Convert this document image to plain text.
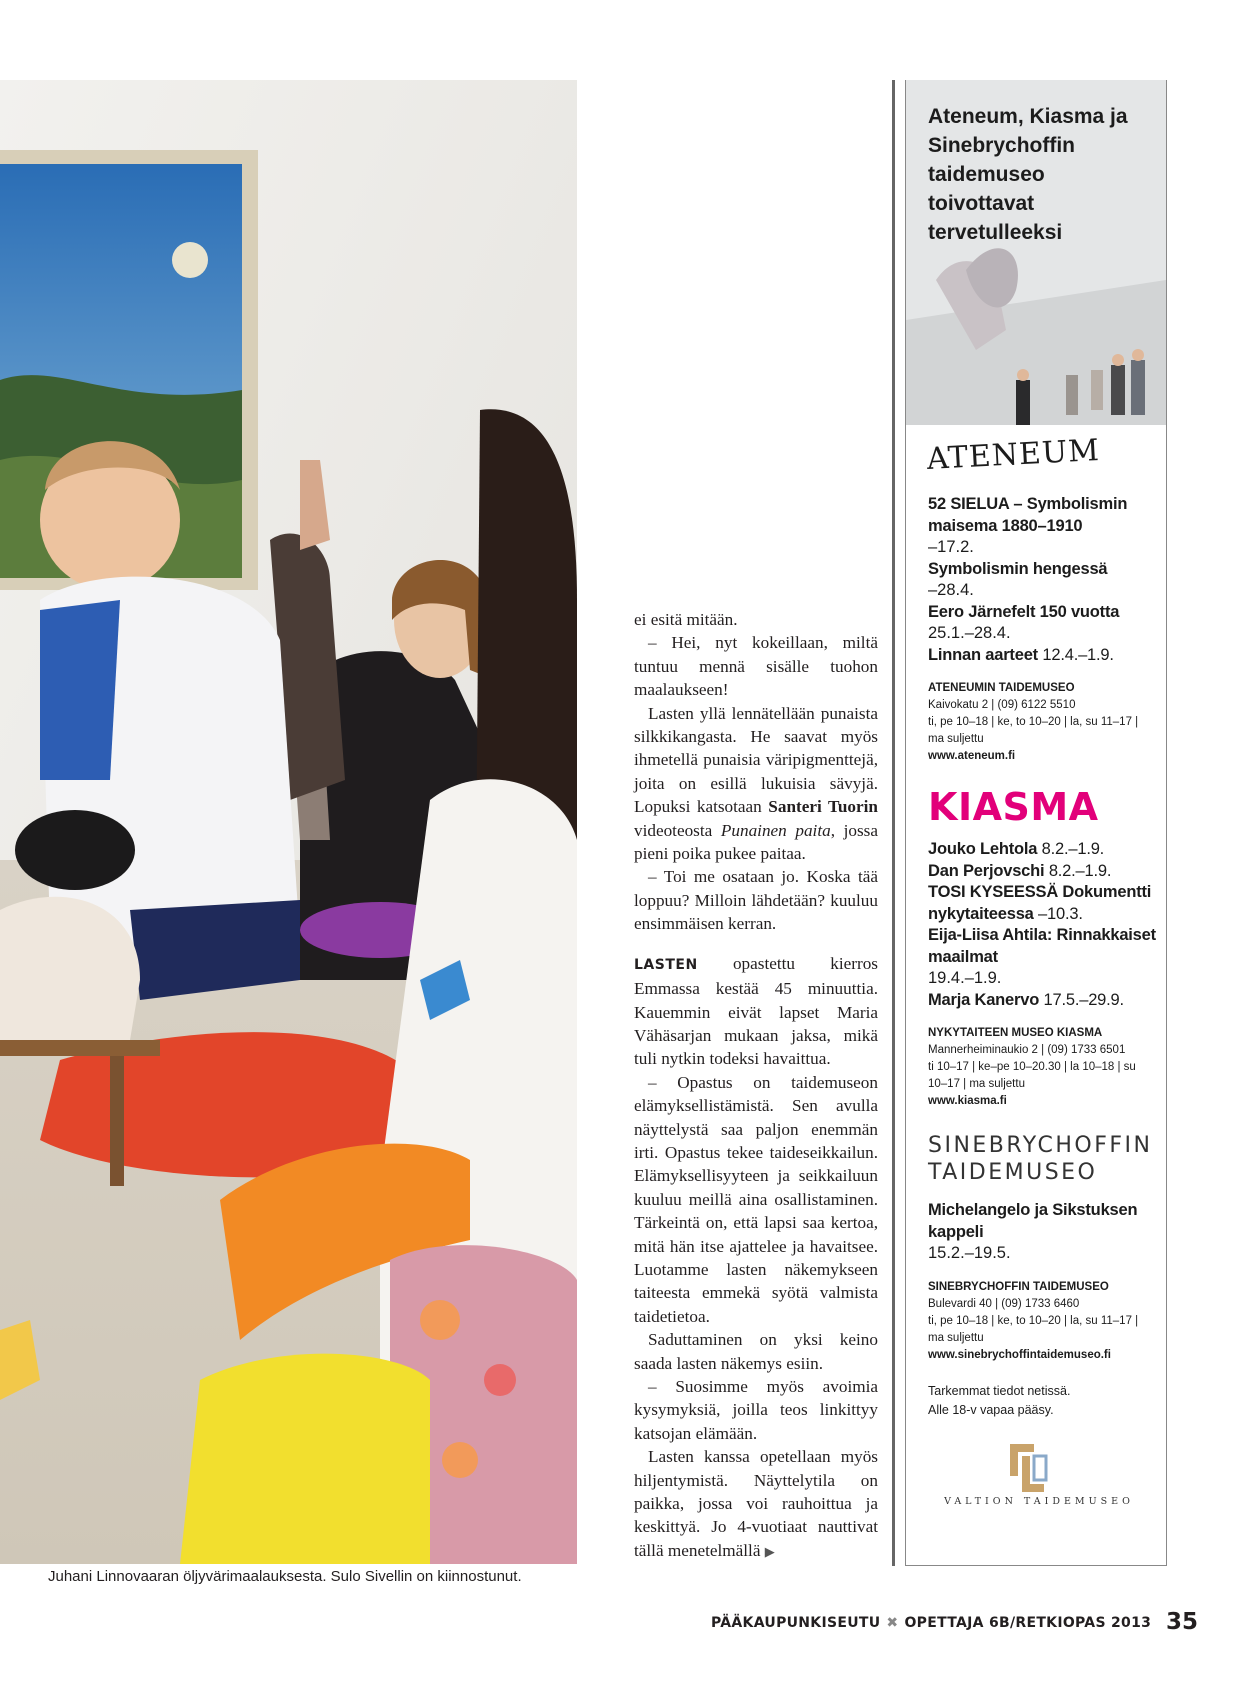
Juhani Linnovaaran öljyvärimaalauksesta. Sulo Sivellin on kiinnostunut.

ei esitä mitään.

– Hei, nyt kokeillaan, miltä tuntuu mennä sisälle tuohon maalaukseen!

Lasten yllä lennätellään punaista silkkikangasta. He saavat myös ihmetellä punaisia väripigmenttejä, joita on esillä lukuisia sävyjä. Lopuksi katsotaan Santeri Tuorin videoteosta Punainen paita, jossa pieni poika pukee paitaa.

– Toi me osataan jo. Koska tää loppuu? Milloin lähdetään? kuuluu ensimmäisen kerran.

LASTEN opastettu kierros Emmassa kestää 45 minuuttia. Kauemmin eivät lapset Maria Vähäsarjan mukaan jaksa, mikä tuli nytkin todeksi havaittua.

– Opastus on taidemuseon elämyksellistämistä. Sen avulla näyttelystä saa paljon enemmän irti. Opastus tekee taideseikkailun. Elämyksellisyyteen ja seikkailuun kuuluu meillä aina osallistaminen. Tärkeintä on, että lapsi saa kertoa, mitä hän itse ajattelee ja havaitsee. Luotamme lasten näkemykseen taiteesta emmekä syötä valmista taidetietoa.

Saduttaminen on yksi keino saada lasten näkemys esiin.

– Suosimme myös avoimia kysymyksiä, joilla teos linkittyy katsojan elämään.

Lasten kanssa opetellaan myös hiljentymistä. Näyttelytila on paikka, jossa voi rauhoittua ja keskittyä. Jo 4-vuotiaat nauttivat tällä menetelmällä ▶

Ateneum, Kiasma ja Sinebrychoffin taidemuseo toivottavat tervetulleeksi
ATENEUM
52 SIELUA – Symbolismin maisema 1880–1910
–17.2.
Symbolismin hengessä
–28.4.
Eero Järnefelt 150 vuotta
25.1.–28.4.
Linnan aarteet 12.4.–1.9.
ATENEUMIN TAIDEMUSEO
Kaivokatu 2 | (09) 6122 5510
ti, pe 10–18 | ke, to 10–20 | la, su 11–17 | ma suljettu
www.ateneum.fi
KIASMA
Jouko Lehtola 8.2.–1.9.
Dan Perjovschi 8.2.–1.9.
TOSI KYSEESSÄ Dokumentti nykytaiteessa –10.3.
Eija-Liisa Ahtila: Rinnakkaiset maailmat
19.4.–1.9.
Marja Kanervo 17.5.–29.9.
NYKYTAITEEN MUSEO KIASMA
Mannerheiminaukio 2 | (09) 1733 6501
ti 10–17 | ke–pe 10–20.30 | la 10–18 | su 10–17 | ma suljettu
www.kiasma.fi
SINEBRYCHOFFIN
TAIDEMUSEO
Michelangelo ja Sikstuksen kappeli
15.2.–19.5.
SINEBRYCHOFFIN TAIDEMUSEO
Bulevardi 40 | (09) 1733 6460
ti, pe 10–18 | ke, to 10–20 | la, su 11–17 | ma suljettu
www.sinebrychoffintaidemuseo.fi
Tarkemmat tiedot netissä.
Alle 18-v vapaa pääsy.
VALTION TAIDEMUSEO
PÄÄKAUPUNKISEUTU ✖ OPETTAJA 6B/RETKIOPAS 2013 35
